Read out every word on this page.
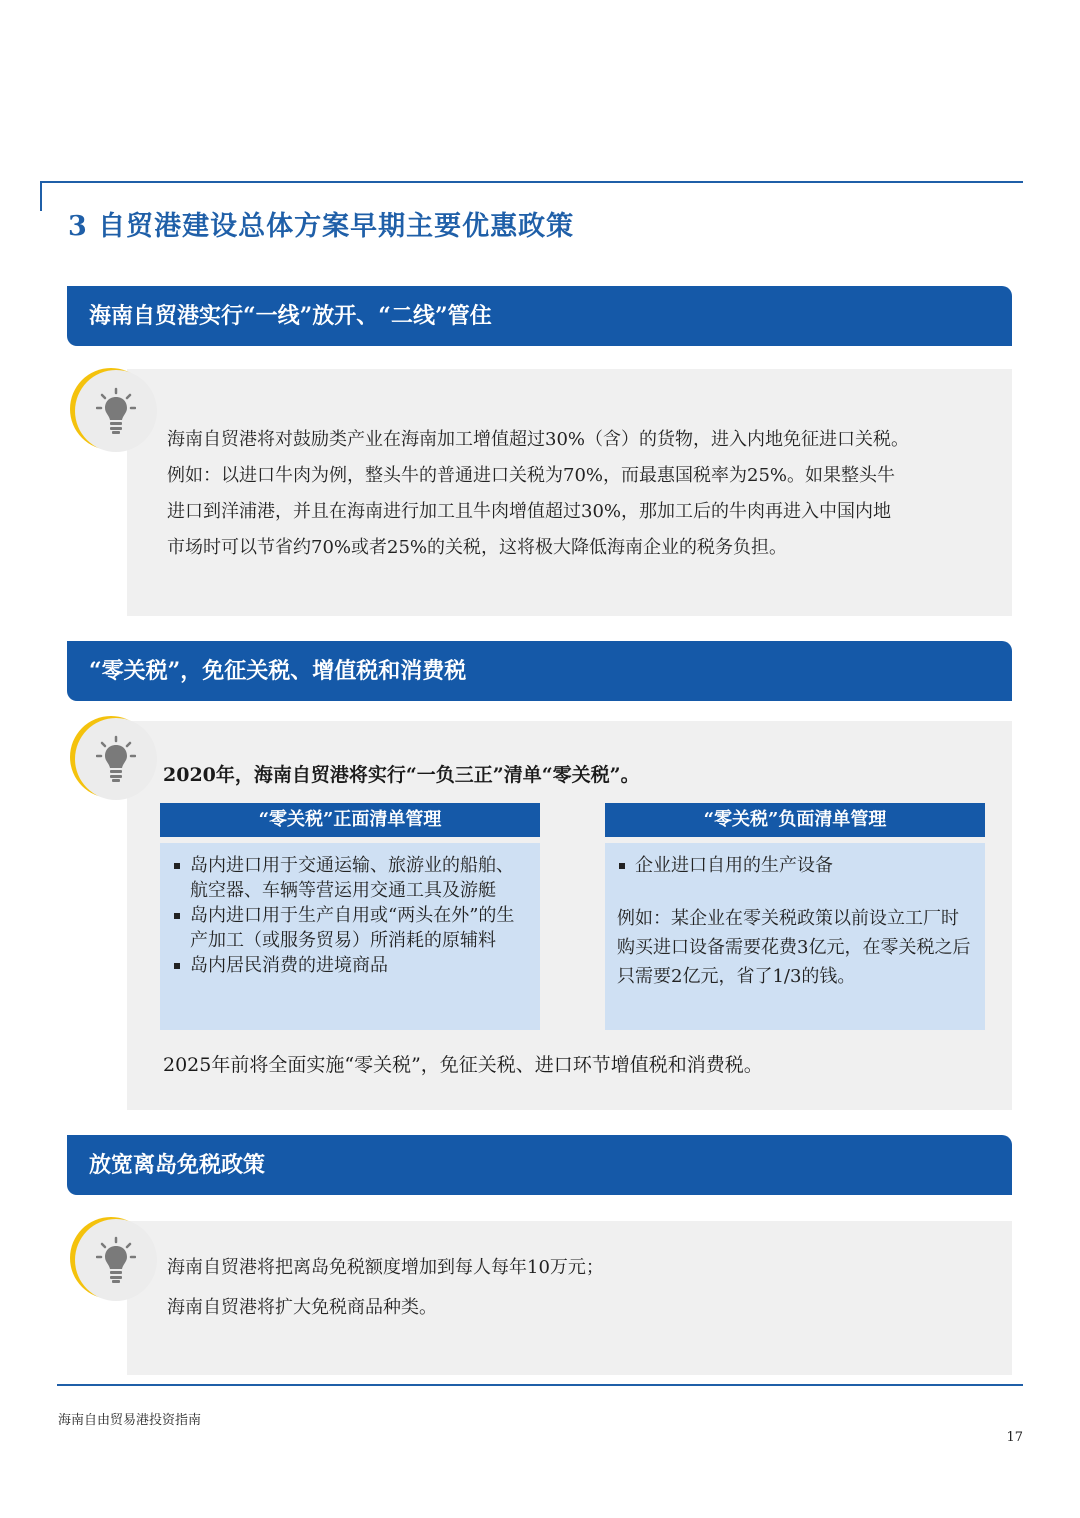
3 自贸港建设总体方案早期主要优惠政策
海南自贸港实行“一线”放开、“二线”管住
海南自贸港将对鼓励类产业在海南加工增值超过30%（含）的货物，进入内地免征进口关税。
例如：以进口牛肉为例，整头牛的普通进口关税为70%，而最惠国税率为25%。如果整头牛
进口到洋浦港，并且在海南进行加工且牛肉增值超过30%，那加工后的牛肉再进入中国内地
市场时可以节省约70%或者25%的关税，这将极大降低海南企业的税务负担。
“零关税”，免征关税、增值税和消费税
2020年，海南自贸港将实行“一负三正”清单“零关税”。
“零关税”正面清单管理
岛内进口用于交通运输、旅游业的船舶、航空器、车辆等营运用交通工具及游艇
岛内进口用于生产自用或“两头在外”的生产加工（或服务贸易）所消耗的原辅料
岛内居民消费的进境商品
“零关税”负面清单管理
企业进口自用的生产设备
例如：某企业在零关税政策以前设立工厂时购买进口设备需要花费3亿元，在零关税之后只需要2亿元，省了1/3的钱。
2025年前将全面实施“零关税”，免征关税、进口环节增值税和消费税。
放宽离岛免税政策
海南自贸港将把离岛免税额度增加到每人每年10万元；
海南自贸港将扩大免税商品种类。
海南自由贸易港投资指南
17
